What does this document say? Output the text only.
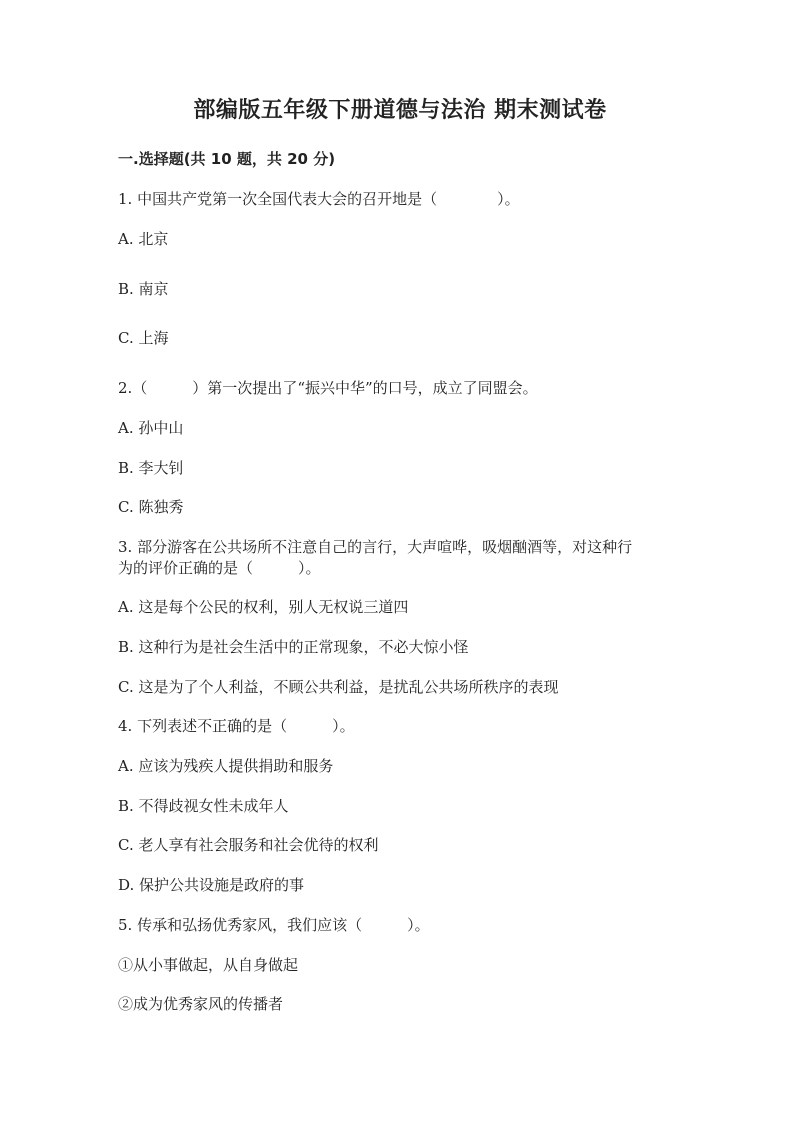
部编版五年级下册道德与法治 期末测试卷
一.选择题(共 10 题，共 20 分)
1. 中国共产党第一次全国代表大会的召开地是（　　　　）。
A. 北京
B. 南京
C. 上海
2.（　　　）第一次提出了“振兴中华”的口号，成立了同盟会。
A. 孙中山
B. 李大钊
C. 陈独秀
3. 部分游客在公共场所不注意自己的言行，大声喧哗，吸烟酗酒等，对这种行
为的评价正确的是（　　　）。
A. 这是每个公民的权利，别人无权说三道四
B. 这种行为是社会生活中的正常现象，不必大惊小怪
C. 这是为了个人利益，不顾公共利益，是扰乱公共场所秩序的表现
4. 下列表述不正确的是（　　　）。
A. 应该为残疾人提供捐助和服务
B. 不得歧视女性未成年人
C. 老人享有社会服务和社会优待的权利
D. 保护公共设施是政府的事
5. 传承和弘扬优秀家风，我们应该（　　　）。
①从小事做起，从自身做起
②成为优秀家风的传播者
